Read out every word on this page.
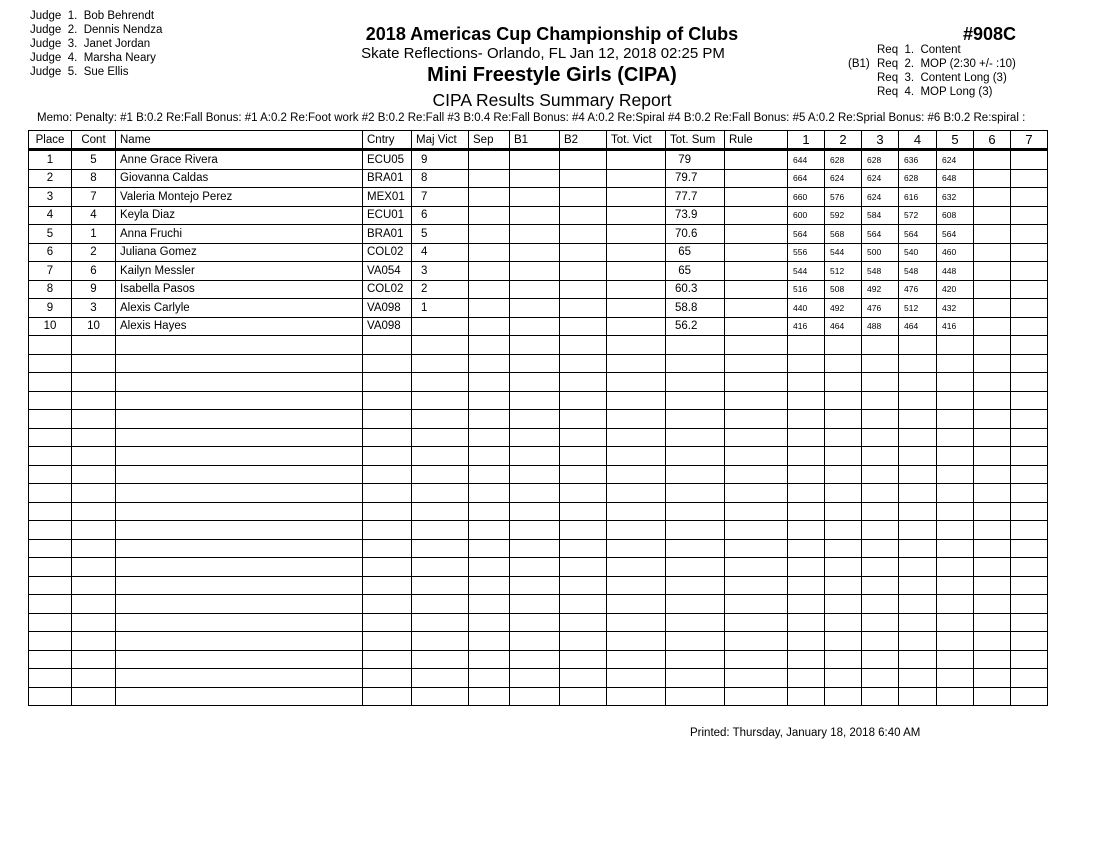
Judge  1.  Bob Behrendt
Judge  2.  Dennis Nendza
Judge  3.  Janet Jordan
Judge  4.  Marsha Neary
Judge  5.  Sue Ellis
2018 Americas Cup Championship of Clubs
Skate Reflections- Orlando, FL Jan 12, 2018 02:25 PM
Mini Freestyle Girls (CIPA)
CIPA Results Summary Report
#908C
Req  1.  Content
(B1) Req  2.  MOP (2:30 +/- :10)
Req  3.  Content Long (3)
Req  4.  MOP Long (3)
Memo: Penalty: #1 B:0.2 Re:Fall Bonus: #1 A:0.2 Re:Foot work #2 B:0.2 Re:Fall #3 B:0.4 Re:Fall Bonus: #4 A:0.2 Re:Spiral #4 B:0.2 Re:Fall Bonus: #5 A:0.2 Re:Sprial Bonus: #6 B:0.2 Re:spiral :
Place	Cont	Name	Cntry	Maj Vict	Sep	B1	B2	Tot. Vict	Tot. Sum	Rule	1	2	3	4	5	6	7
1	5	Anne Grace Rivera	ECU05	9					79		644	628	628	636	624		
2	8	Giovanna Caldas	BRA01	8					79.7		664	624	624	628	648		
3	7	Valeria Montejo Perez	MEX01	7					77.7		660	576	624	616	632		
4	4	Keyla Diaz	ECU01	6					73.9		600	592	584	572	608		
5	1	Anna Fruchi	BRA01	5					70.6		564	568	564	564	564		
6	2	Juliana Gomez	COL02	4					65		556	544	500	540	460		
7	6	Kailyn Messler	VA054	3					65		544	512	548	548	448		
8	9	Isabella Pasos	COL02	2					60.3		516	508	492	476	420		
9	3	Alexis Carlyle	VA098	1					58.8		440	492	476	512	432		
10	10	Alexis Hayes	VA098						56.2		416	464	488	464	416		

Printed: Thursday, January 18, 2018 6:40 AM
